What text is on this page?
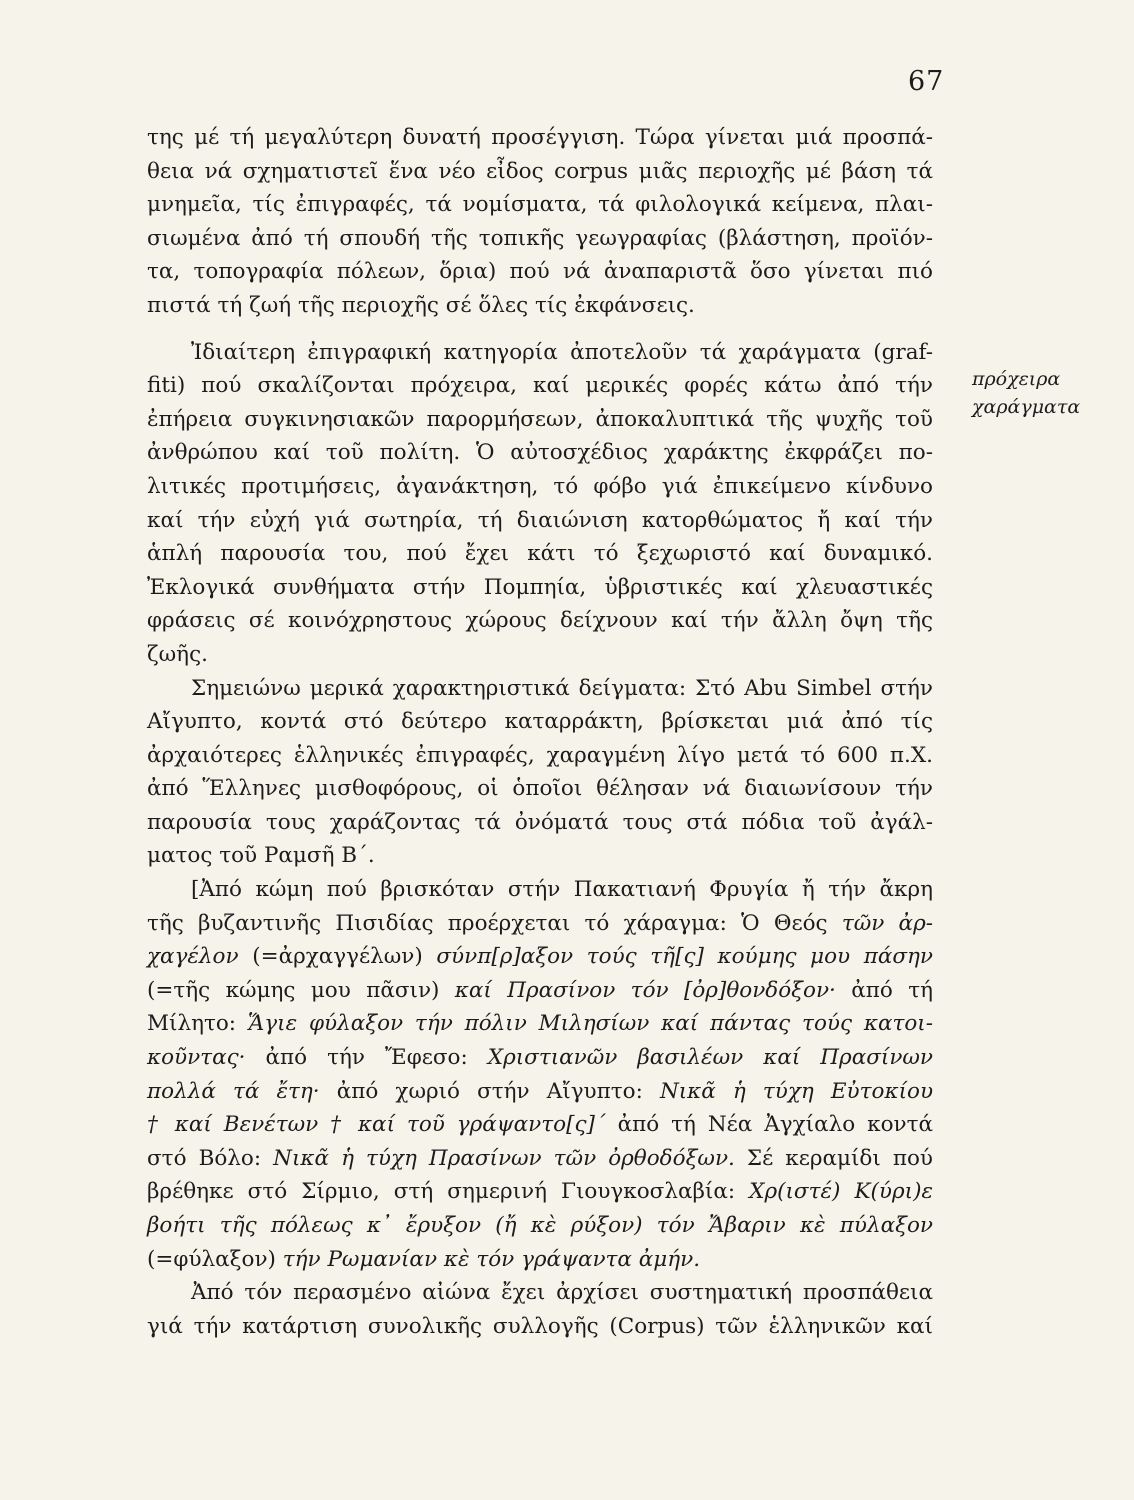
67
πρόχειρα
χαράγματα
της μέ τή μεγαλύτερη δυνατή προσέγγιση. Τώρα γίνεται μιά προσπά-
θεια νά σχηματιστεῖ ἕνα νέο εἶδος corpus μιᾶς περιοχῆς μέ βάση τά
μνημεῖα, τίς ἐπιγραφές, τά νομίσματα, τά φιλολογικά κείμενα, πλαι-
σιωμένα ἀπό τή σπουδή τῆς τοπικῆς γεωγραφίας (βλάστηση, προϊόν-
τα, τοπογραφία πόλεων, ὅρια) πού νά ἀναπαριστᾶ ὅσο γίνεται πιό
πιστά τή ζωή τῆς περιοχῆς σέ ὅλες τίς ἐκφάνσεις.
Ἰδιαίτερη ἐπιγραφική κατηγορία ἀποτελοῦν τά χαράγματα (graf-
fiti) πού σκαλίζονται πρόχειρα, καί μερικές φορές κάτω ἀπό τήν
ἐπήρεια συγκινησιακῶν παρορμήσεων, ἀποκαλυπτικά τῆς ψυχῆς τοῦ
ἀνθρώπου καί τοῦ πολίτη. Ὁ αὐτοσχέδιος χαράκτης ἐκφράζει πο-
λιτικές προτιμήσεις, ἀγανάκτηση, τό φόβο γιά ἐπικείμενο κίνδυνο
καί τήν εὐχή γιά σωτηρία, τή διαιώνιση κατορθώματος ἤ καί τήν
ἁπλή παρουσία του, πού ἔχει κάτι τό ξεχωριστό καί δυναμικό.
Ἐκλογικά συνθήματα στήν Πομπηία, ὑβριστικές καί χλευαστικές
φράσεις σέ κοινόχρηστους χώρους δείχνουν καί τήν ἄλλη ὄψη τῆς
ζωῆς.
Σημειώνω μερικά χαρακτηριστικά δείγματα: Στό Abu Simbel στήν
Αἴγυπτο, κοντά στό δεύτερο καταρράκτη, βρίσκεται μιά ἀπό τίς
ἀρχαιότερες ἑλληνικές ἐπιγραφές, χαραγμένη λίγο μετά τό 600 π.Χ.
ἀπό Ἕλληνες μισθοφόρους, οἱ ὁποῖοι θέλησαν νά διαιωνίσουν τήν
παρουσία τους χαράζοντας τά ὀνόματά τους στά πόδια τοῦ ἀγάλ-
ματος τοῦ Ραμσῆ Β΄.
[Ἀπό κώμη πού βρισκόταν στήν Πακατιανή Φρυγία ἤ τήν ἄκρη
τῆς βυζαντινῆς Πισιδίας προέρχεται τό χάραγμα: Ὁ Θεός τῶν ἀρ-
χαγέλον (=ἀρχαγγέλων) σύνπ[ρ]αξον τούς τῆ[ς] κούμης μου πάσην
(=τῆς κώμης μου πᾶσιν) καί Πρασίνον τόν [ὀρ]θονδόξον· ἀπό τή
Μίλητο: Ἅγιε φύλαξον τήν πόλιν Μιλησίων καί πάντας τούς κατοι-
κοῦντας· ἀπό τήν Ἔφεσο: Χριστιανῶν βασιλέων καί Πρασίνων
πολλά τά ἔτη· ἀπό χωριό στήν Αἴγυπτο: Νικᾶ ἡ τύχη Εὐτοκίου
† καί Βενέτων † καί τοῦ γράψαντο[ς]΄ ἀπό τή Νέα Ἀγχίαλο κοντά
στό Βόλο: Νικᾶ ἡ τύχη Πρασίνων τῶν ὀρθοδόξων. Σέ κεραμίδι πού
βρέθηκε στό Σίρμιο, στή σημερινή Γιουγκοσλαβία: Χρ(ιστέ) Κ(ύρι)ε
βοήτι τῆς πόλεως κ᾿ ἔρυξον (ἤ κὲ ρύξον) τόν Ἄβαριν κὲ πύλαξον
(=φύλαξον) τήν Ρωμανίαν κὲ τόν γράψαντα ἀμήν.
Ἀπό τόν περασμένο αἰώνα ἔχει ἀρχίσει συστηματική προσπάθεια
γιά τήν κατάρτιση συνολικῆς συλλογῆς (Corpus) τῶν ἑλληνικῶν καί
